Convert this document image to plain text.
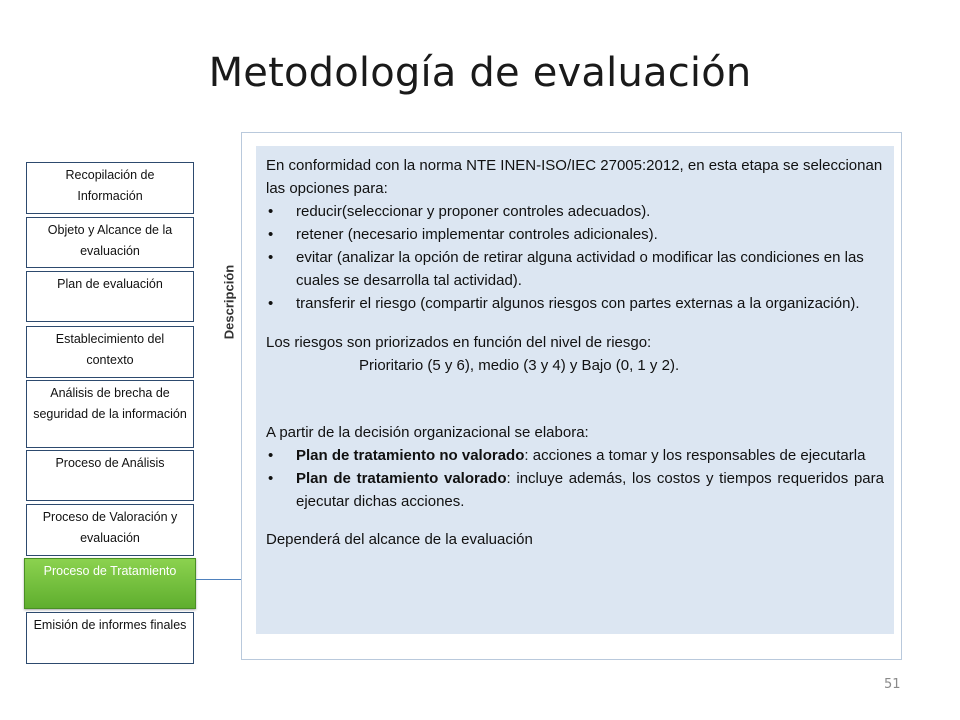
Metodología de evaluación
Recopilación de Información
Objeto y Alcance de la evaluación
Plan de evaluación
Establecimiento del contexto
Análisis de brecha de seguridad de la información
Proceso de Análisis
Proceso de Valoración y evaluación
Proceso de Tratamiento
Emisión de informes finales
Descripción

En conformidad con la norma NTE INEN-ISO/IEC 27005:2012, en esta etapa se seleccionan las opciones para:

• reducir(seleccionar y proponer controles adecuados).

• retener (necesario implementar controles adicionales).

• evitar (analizar la opción de retirar alguna actividad o modificar las condiciones en las cuales se desarrolla tal actividad).

• transferir el riesgo (compartir algunos riesgos con partes externas a la organización).

Los riesgos son priorizados en función del nivel de riesgo:

Prioritario (5 y 6), medio (3 y 4) y Bajo (0, 1 y 2).

A partir de la decisión organizacional se elabora:

• Plan de tratamiento no valorado: acciones a tomar y los responsables de ejecutarla

• Plan de tratamiento valorado: incluye además, los costos y tiempos requeridos para ejecutar dichas acciones.

Dependerá del alcance de la evaluación

51
